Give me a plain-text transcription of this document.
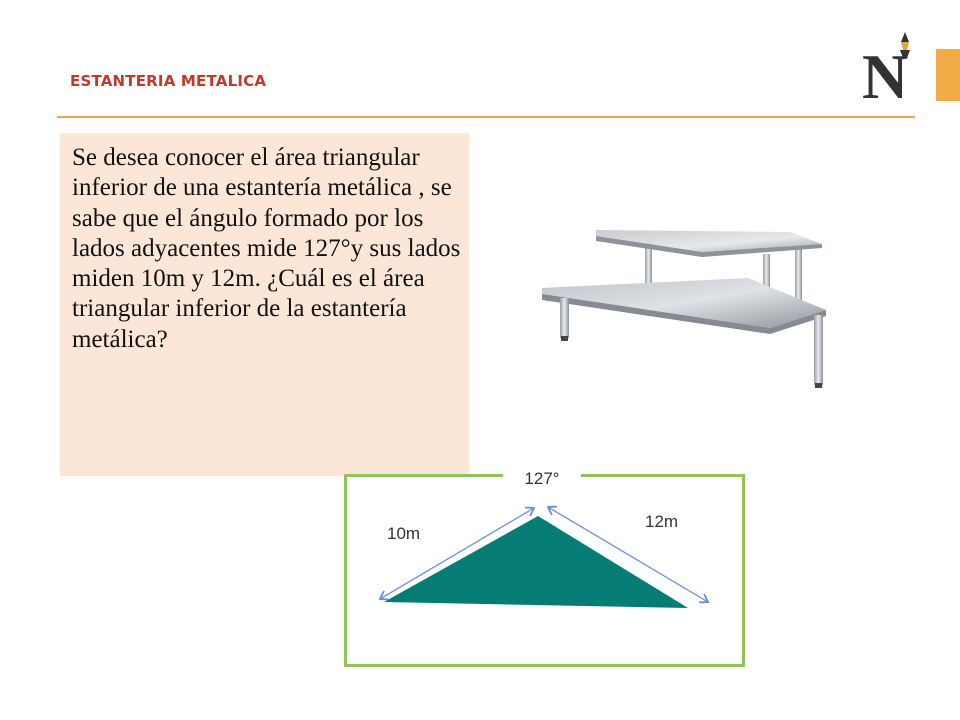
ESTANTERIA METALICA	N

Se desea conocer el área triangular inferior de una estantería metálica , se sabe que el ángulo formado por los lados adyacentes mide 127°y sus lados miden 10m y 12m. ¿Cuál es el área triangular inferior de la estantería metálica?

127°
10m
12m
